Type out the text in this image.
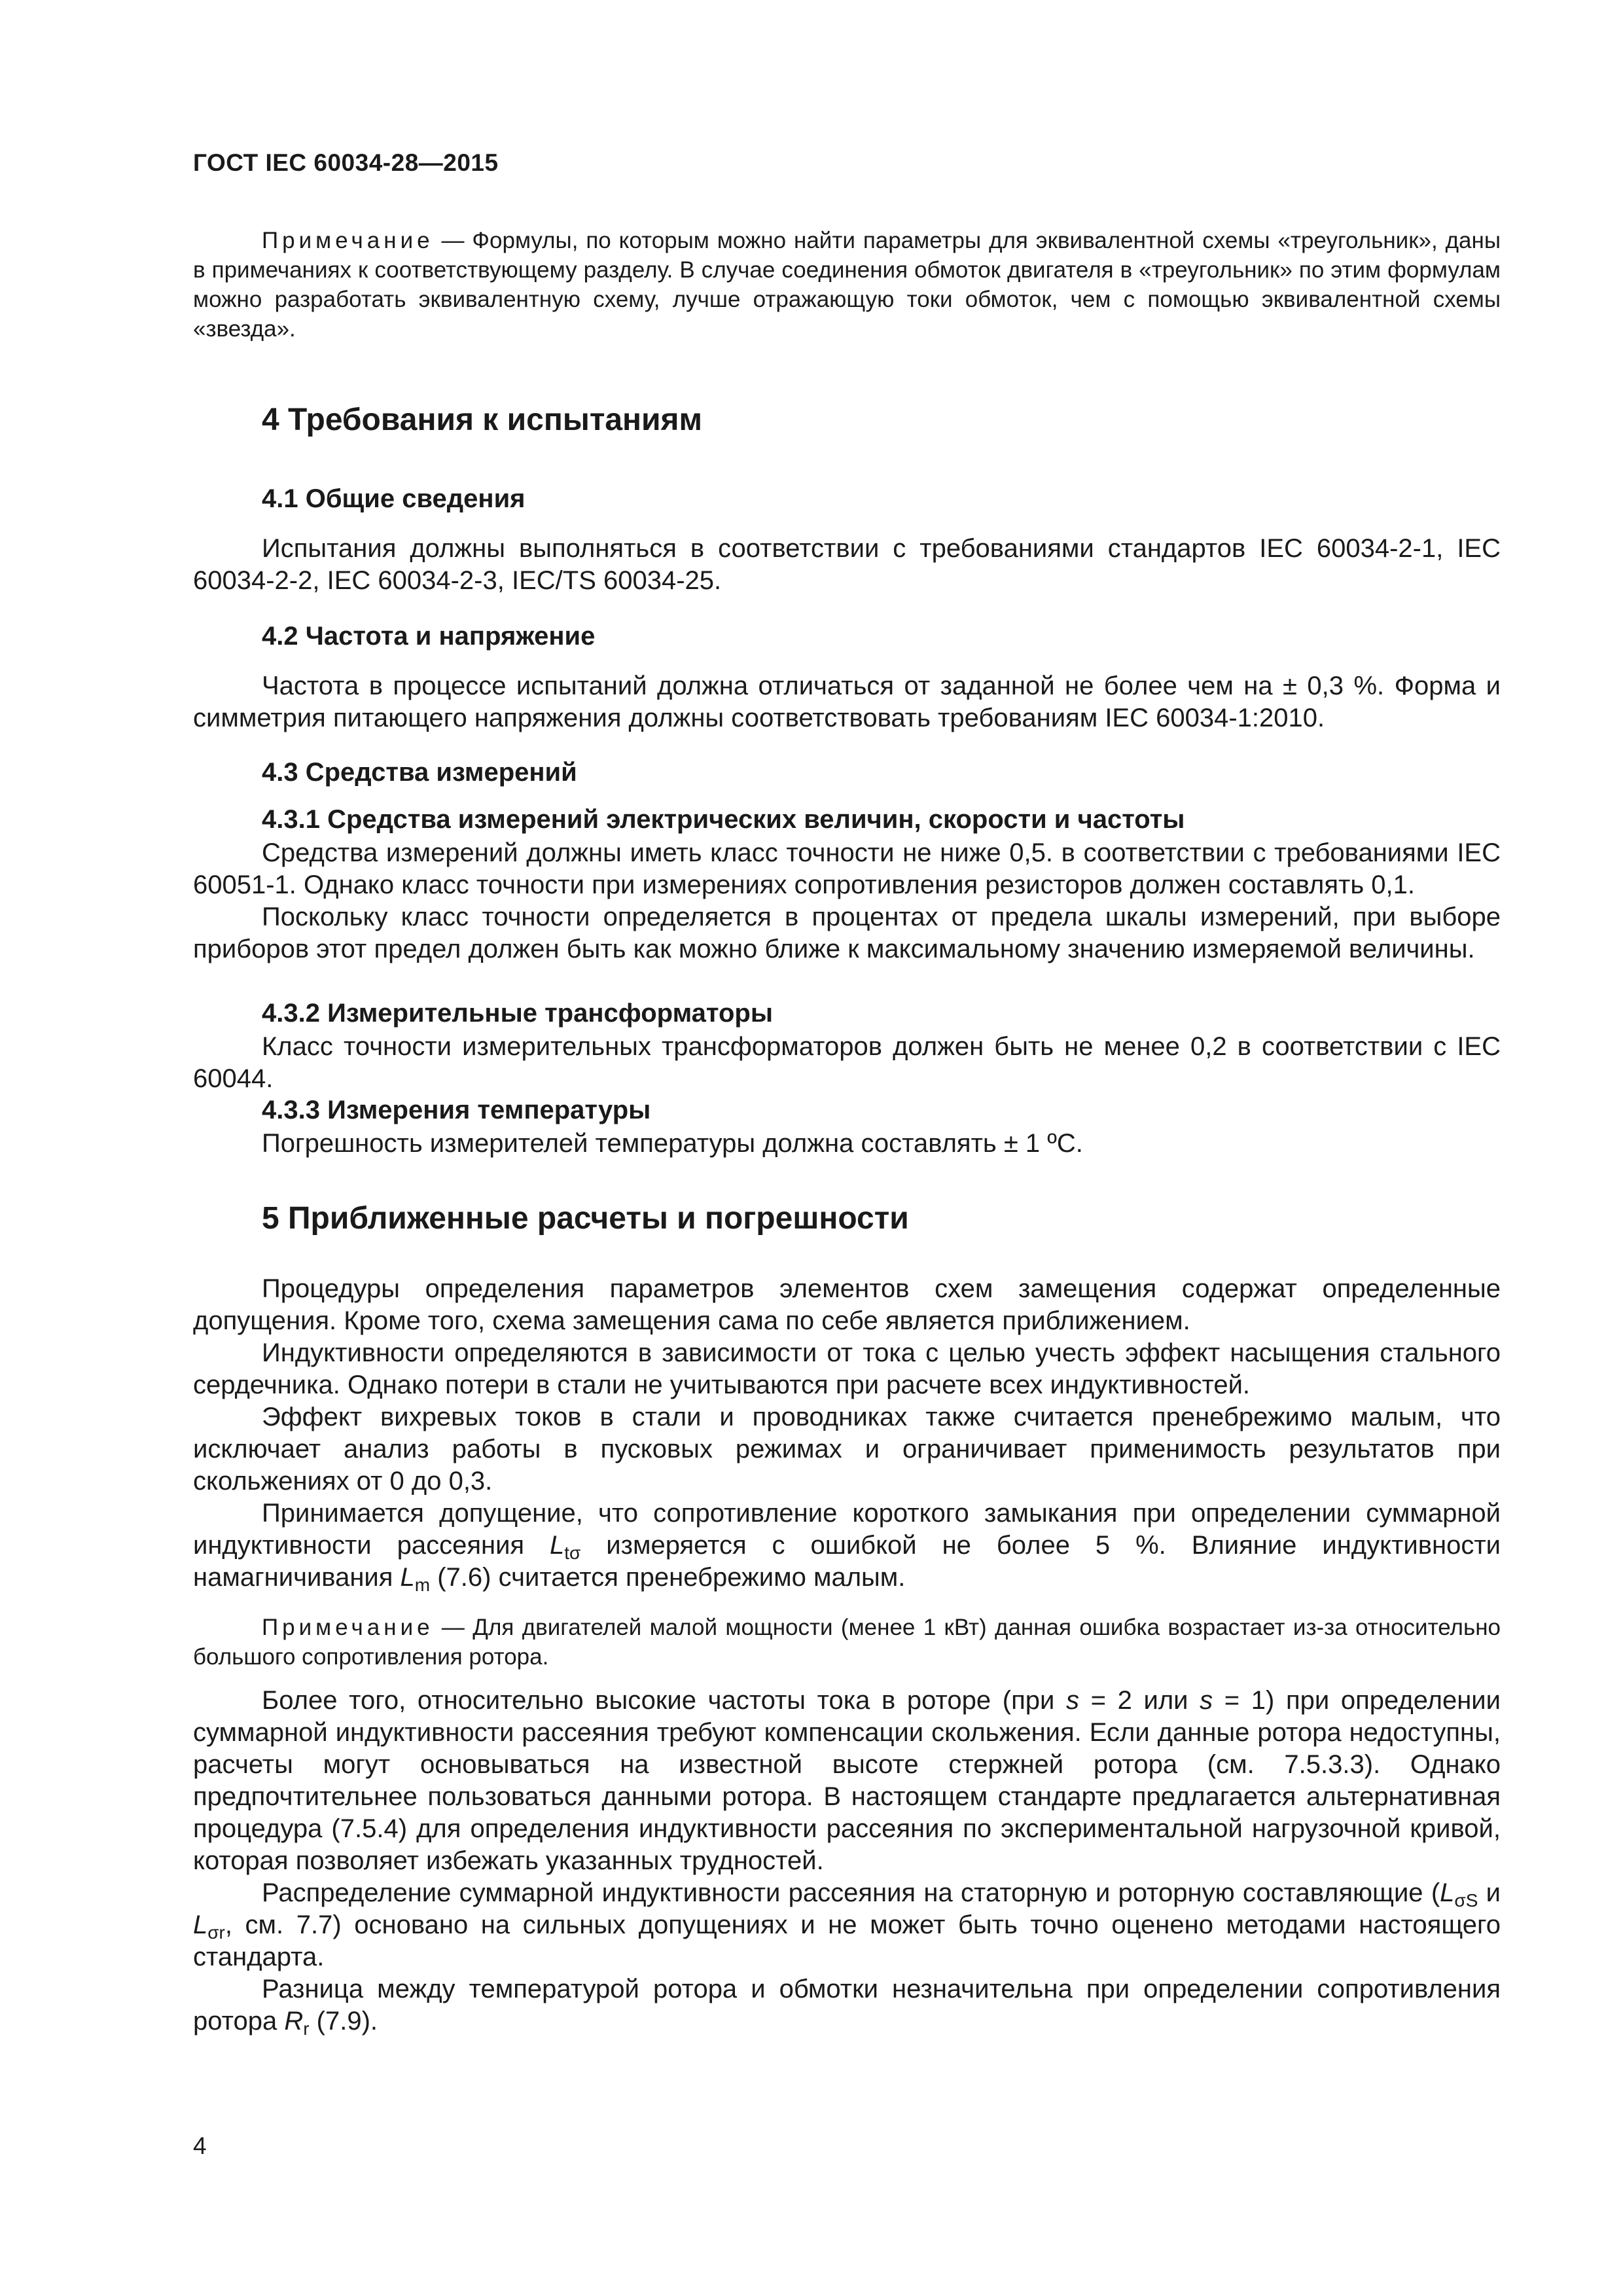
ГОСТ IEC 60034-28—2015

Примечание — Формулы, по которым можно найти параметры для эквивалентной схемы «треугольник», даны в примечаниях к соответствующему разделу. В случае соединения обмоток двигателя в «треугольник» по этим формулам можно разработать эквивалентную схему, лучше отражающую токи обмоток, чем с помощью эквивалентной схемы «звезда».

4 Требования к испытаниям
4.1 Общие сведения

Испытания должны выполняться в соответствии с требованиями стандартов IEC 60034-2-1, IEC 60034-2-2, IEC 60034-2-3, IEC/TS 60034-25.

4.2 Частота и напряжение

Частота в процессе испытаний должна отличаться от заданной не более чем на ± 0,3 %. Форма и симметрия питающего напряжения должны соответствовать требованиям IEC 60034-1:2010.

4.3 Средства измерений
4.3.1 Средства измерений электрических величин, скорости и частоты

Средства измерений должны иметь класс точности не ниже 0,5. в соответствии с требованиями IEC 60051-1. Однако класс точности при измерениях сопротивления резисторов должен составлять 0,1.

Поскольку класс точности определяется в процентах от предела шкалы измерений, при выборе приборов этот предел должен быть как можно ближе к максимальному значению измеряемой величины.

4.3.2 Измерительные трансформаторы

Класс точности измерительных трансформаторов должен быть не менее 0,2 в соответствии с IEC 60044.

4.3.3 Измерения температуры

Погрешность измерителей температуры должна составлять ± 1 ºС.

5 Приближенные расчеты и погрешности

Процедуры определения параметров элементов схем замещения содержат определенные допущения. Кроме того, схема замещения сама по себе является приближением.

Индуктивности определяются в зависимости от тока с целью учесть эффект насыщения стального сердечника. Однако потери в стали не учитываются при расчете всех индуктивностей.

Эффект вихревых токов в стали и проводниках также считается пренебрежимо малым, что исключает анализ работы в пусковых режимах и ограничивает применимость результатов при скольжениях от 0 до 0,3.

Принимается допущение, что сопротивление короткого замыкания при определении суммарной индуктивности рассеяния $L_{t\sigma}$ измеряется с ошибкой не более 5 %. Влияние индуктивности намагничивания $L_m$ (7.6) считается пренебрежимо малым.

Примечание — Для двигателей малой мощности (менее 1 кВт) данная ошибка возрастает из-за относительно большого сопротивления ротора.

Более того, относительно высокие частоты тока в роторе (при s = 2 или s = 1) при определении суммарной индуктивности рассеяния требуют компенсации скольжения. Если данные ротора недоступны, расчеты могут основываться на известной высоте стержней ротора (см. 7.5.3.3). Однако предпочтительнее пользоваться данными ротора. В настоящем стандарте предлагается альтернативная процедура (7.5.4) для определения индуктивности рассеяния по экспериментальной нагрузочной кривой, которая позволяет избежать указанных трудностей.

Распределение суммарной индуктивности рассеяния на статорную и роторную составляющие ($L_{\sigma S}$ и $L_{\sigma r}$, см. 7.7) основано на сильных допущениях и не может быть точно оценено методами настоящего стандарта.

Разница между температурой ротора и обмотки незначительна при определении сопротивления ротора $R_r$ (7.9).

4
